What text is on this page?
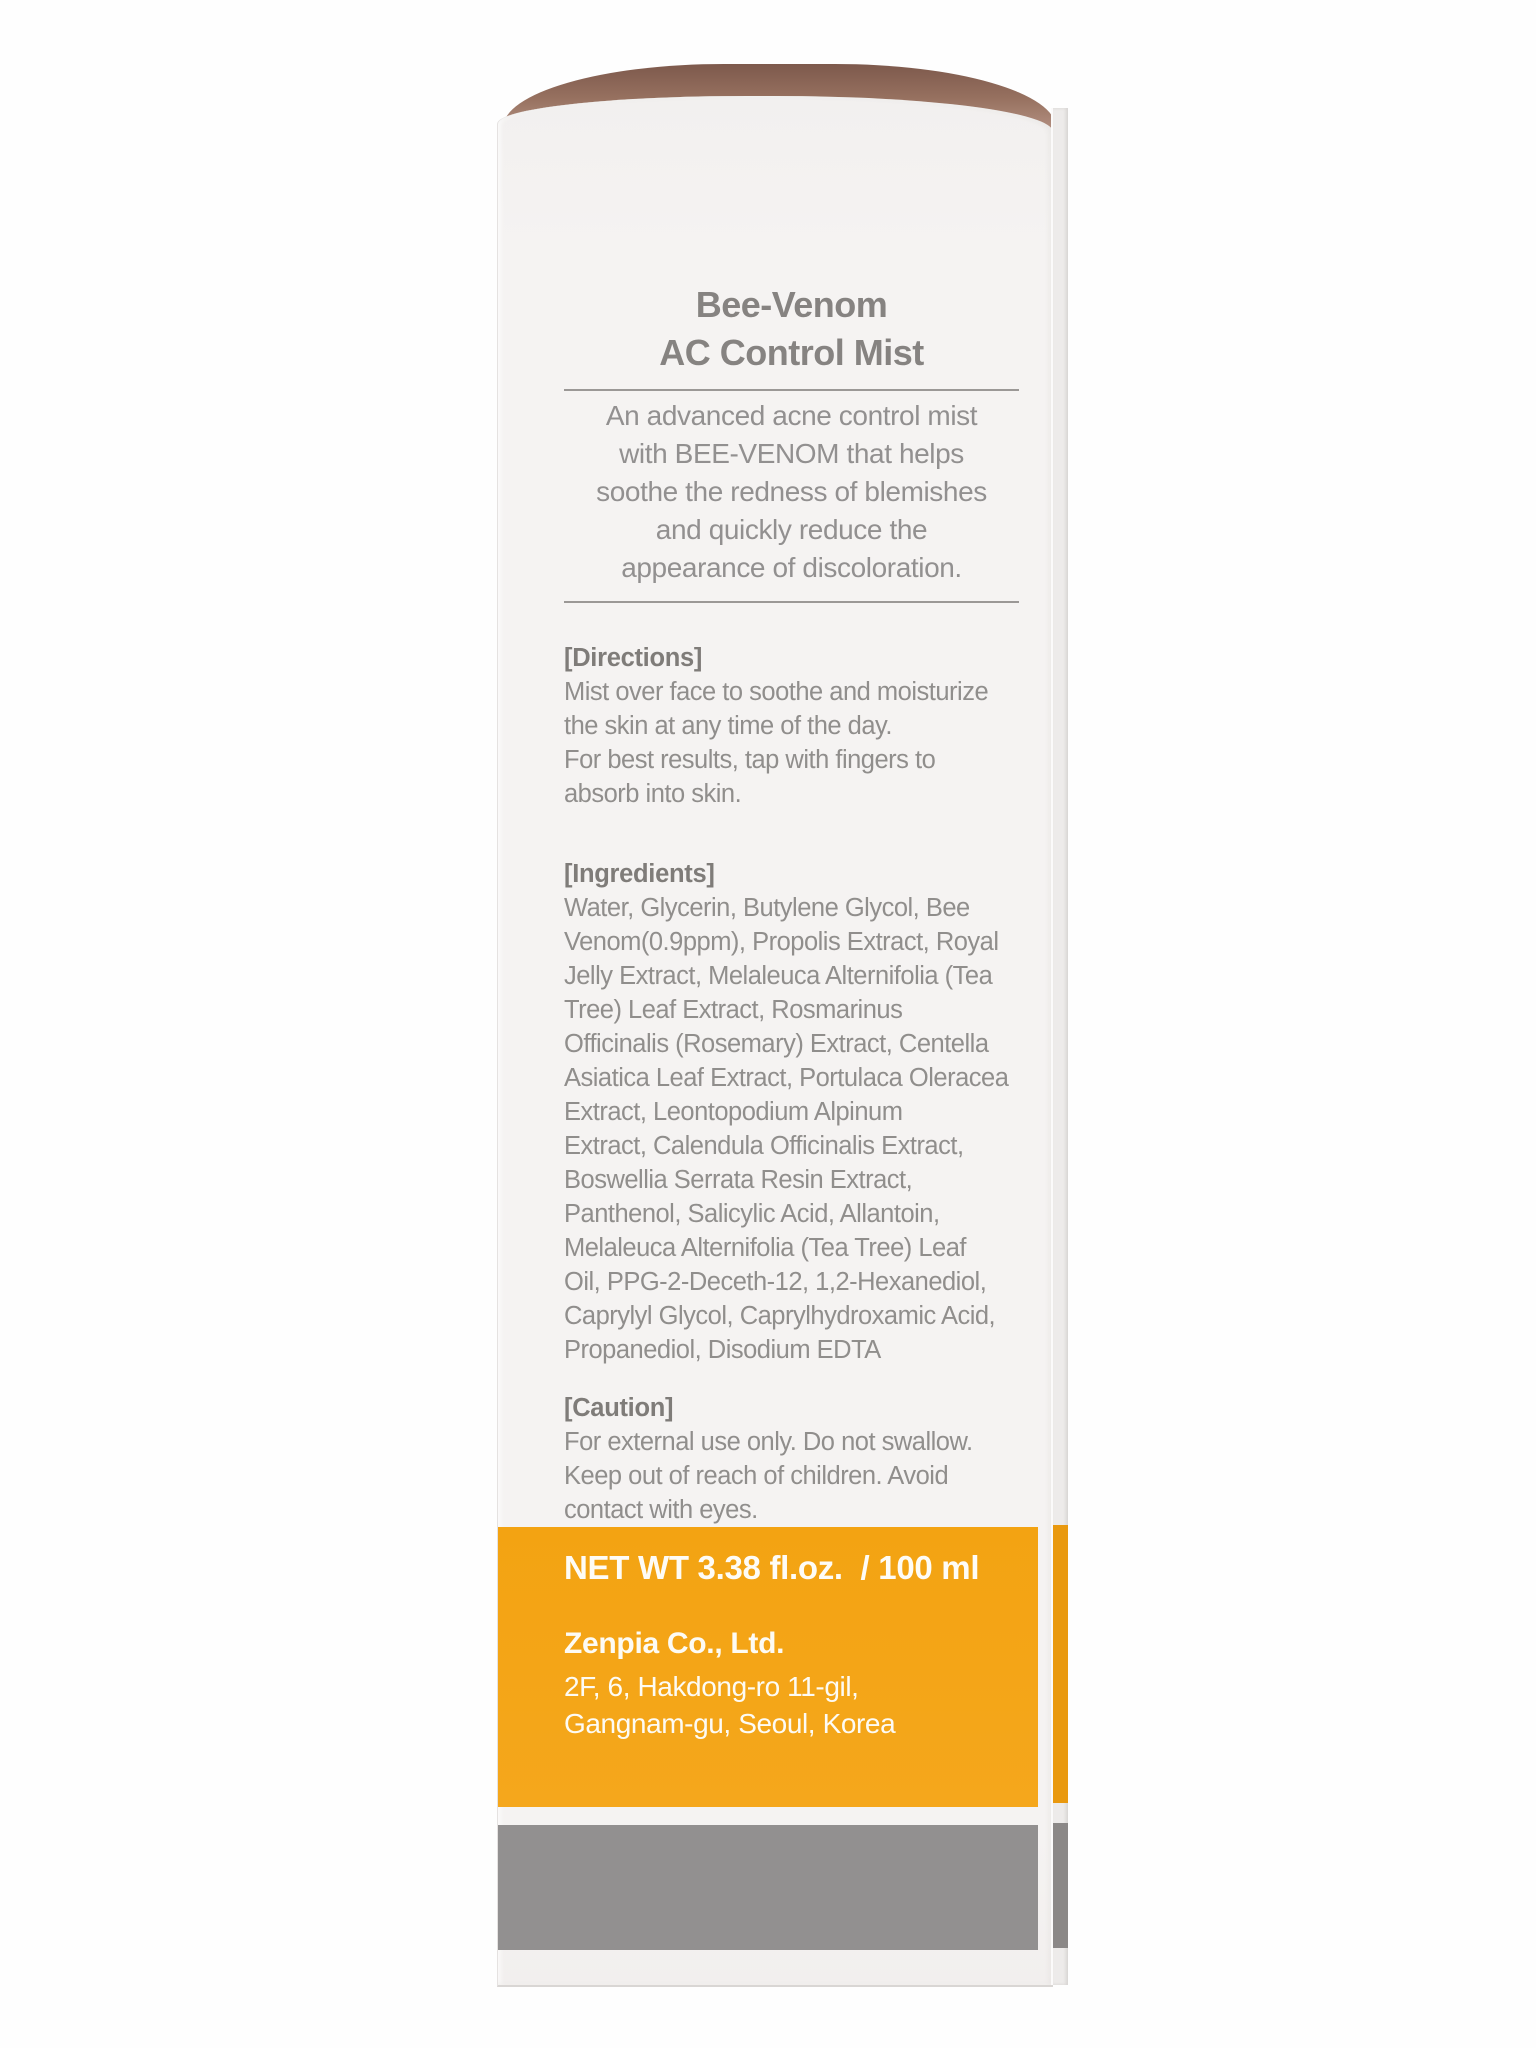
Bee-Venom
AC Control Mist
An advanced acne control mist
with BEE-VENOM that helps
soothe the redness of blemishes
and quickly reduce the
appearance of discoloration.
[Directions]
Mist over face to soothe and moisturize
the skin at any time of the day.
For best results, tap with fingers to
absorb into skin.
[Ingredients]
Water, Glycerin, Butylene Glycol, Bee
Venom(0.9ppm), Propolis Extract, Royal
Jelly Extract, Melaleuca Alternifolia (Tea
Tree) Leaf Extract, Rosmarinus
Officinalis (Rosemary) Extract, Centella
Asiatica Leaf Extract, Portulaca Oleracea
Extract, Leontopodium Alpinum
Extract, Calendula Officinalis Extract,
Boswellia Serrata Resin Extract,
Panthenol, Salicylic Acid, Allantoin,
Melaleuca Alternifolia (Tea Tree) Leaf
Oil, PPG-2-Deceth-12, 1,2-Hexanediol,
Caprylyl Glycol, Caprylhydroxamic Acid,
Propanediol, Disodium EDTA
[Caution]
For external use only. Do not swallow.
Keep out of reach of children. Avoid
contact with eyes.
NET WT 3.38 fl.oz.  / 100 ml
Zenpia Co., Ltd.
2F, 6, Hakdong-ro 11-gil,
Gangnam-gu, Seoul, Korea
